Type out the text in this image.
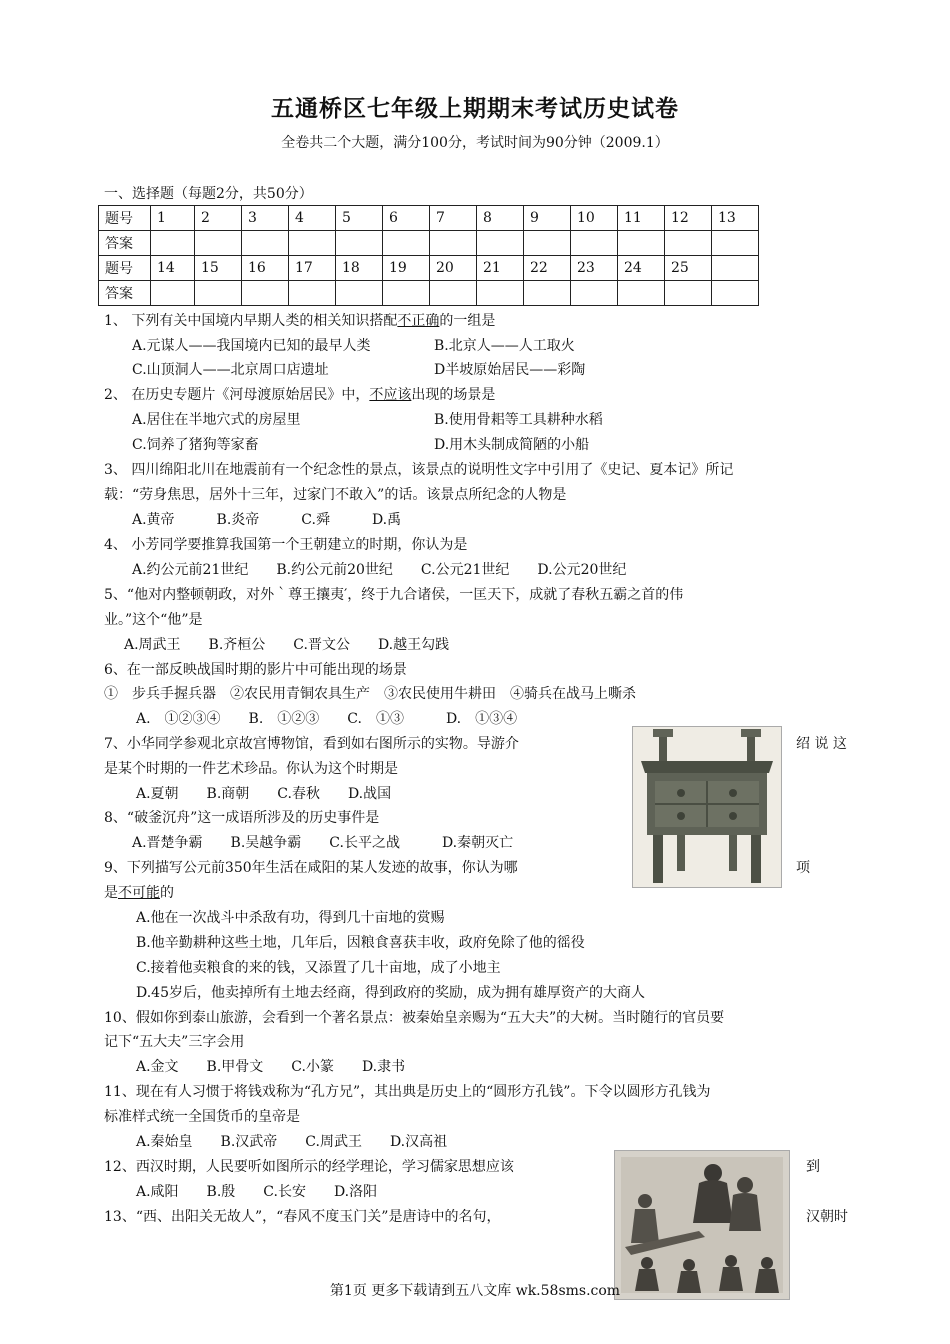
五通桥区七年级上期期末考试历史试卷
全卷共二个大题，满分100分，考试时间为90分钟（2009.1）
一、选择题（每题2分，共50分）
题号	1	2	3	4	5	6	7	8	9	10	11	12	13
答案													
题号	14	15	16	17	18	19	20	21	22	23	24	25	
答案													
1、 下列有关中国境内早期人类的相关知识搭配不正确的一组是
A.元谋人——我国境内已知的最早人类	B.北京人——人工取火
C.山顶洞人——北京周口店遗址	D半坡原始居民——彩陶
2、 在历史专题片《河母渡原始居民》中，不应该出现的场景是
A.居住在半地穴式的房屋里	B.使用骨耜等工具耕种水稻
C.饲养了猪狗等家畜	D.用木头制成简陋的小船
3、 四川绵阳北川在地震前有一个纪念性的景点，该景点的说明性文字中引用了《史记、夏本记》所记
载：“劳身焦思，居外十三年，过家门不敢入”的话。该景点所纪念的人物是
A.黄帝　　　B.炎帝　　　C.舜　　　D.禹
4、 小芳同学要推算我国第一个王朝建立的时期，你认为是
A.约公元前21世纪　　B.约公元前20世纪　　C.公元21世纪　　D.公元20世纪
5、“他对内整顿朝政，对外｀尊王攘夷′，终于九合诸侯，一匡天下，成就了春秋五霸之首的伟
业。”这个“他”是
A.周武王　　B.齐桓公　　C.晋文公　　D.越王勾践
6、在一部反映战国时期的影片中可能出现的场景
①　步兵手握兵器　②农民用青铜农具生产　③农民使用牛耕田　④骑兵在战马上嘶杀
A.　①②③④　　B.　①②③　　C.　①③　　　D.　①③④
7、小华同学参观北京故宫博物馆，看到如右图所示的实物。导游介	绍 说 这
是某个时期的一件艺术珍品。你认为这个时期是
A.夏朝　　B.商朝　　C.春秋　　D.战国
8、“破釜沉舟”这一成语所涉及的历史事件是
A.晋楚争霸　　B.吴越争霸　　C.长平之战　　　D.秦朝灭亡
9、下列描写公元前350年生活在咸阳的某人发迹的故事，你认为哪	项
是不可能的
A.他在一次战斗中杀敌有功，得到几十亩地的赏赐
B.他辛勤耕种这些土地，几年后，因粮食喜获丰收，政府免除了他的徭役
C.接着他卖粮食的来的钱，又添置了几十亩地，成了小地主
D.45岁后，他卖掉所有土地去经商，得到政府的奖励，成为拥有雄厚资产的大商人
10、假如你到泰山旅游，会看到一个著名景点：被秦始皇亲赐为“五大夫”的大树。当时随行的官员要
记下“五大夫”三字会用
A.金文　　B.甲骨文　　C.小篆　　D.隶书
11、现在有人习惯于将钱戏称为“孔方兄”，其出典是历史上的“圆形方孔钱”。下令以圆形方孔钱为
标准样式统一全国货币的皇帝是
A.秦始皇　　B.汉武帝　　C.周武王　　D.汉高祖
12、西汉时期，人民要听如图所示的经学理论，学习儒家思想应该	到
A.咸阳　　B.殷　　C.长安　　D.洛阳
13、“西、出阳关无故人”，“春风不度玉门关”是唐诗中的名句，	汉朝时
第1页 更多下载请到五八文库 wk.58sms.com
